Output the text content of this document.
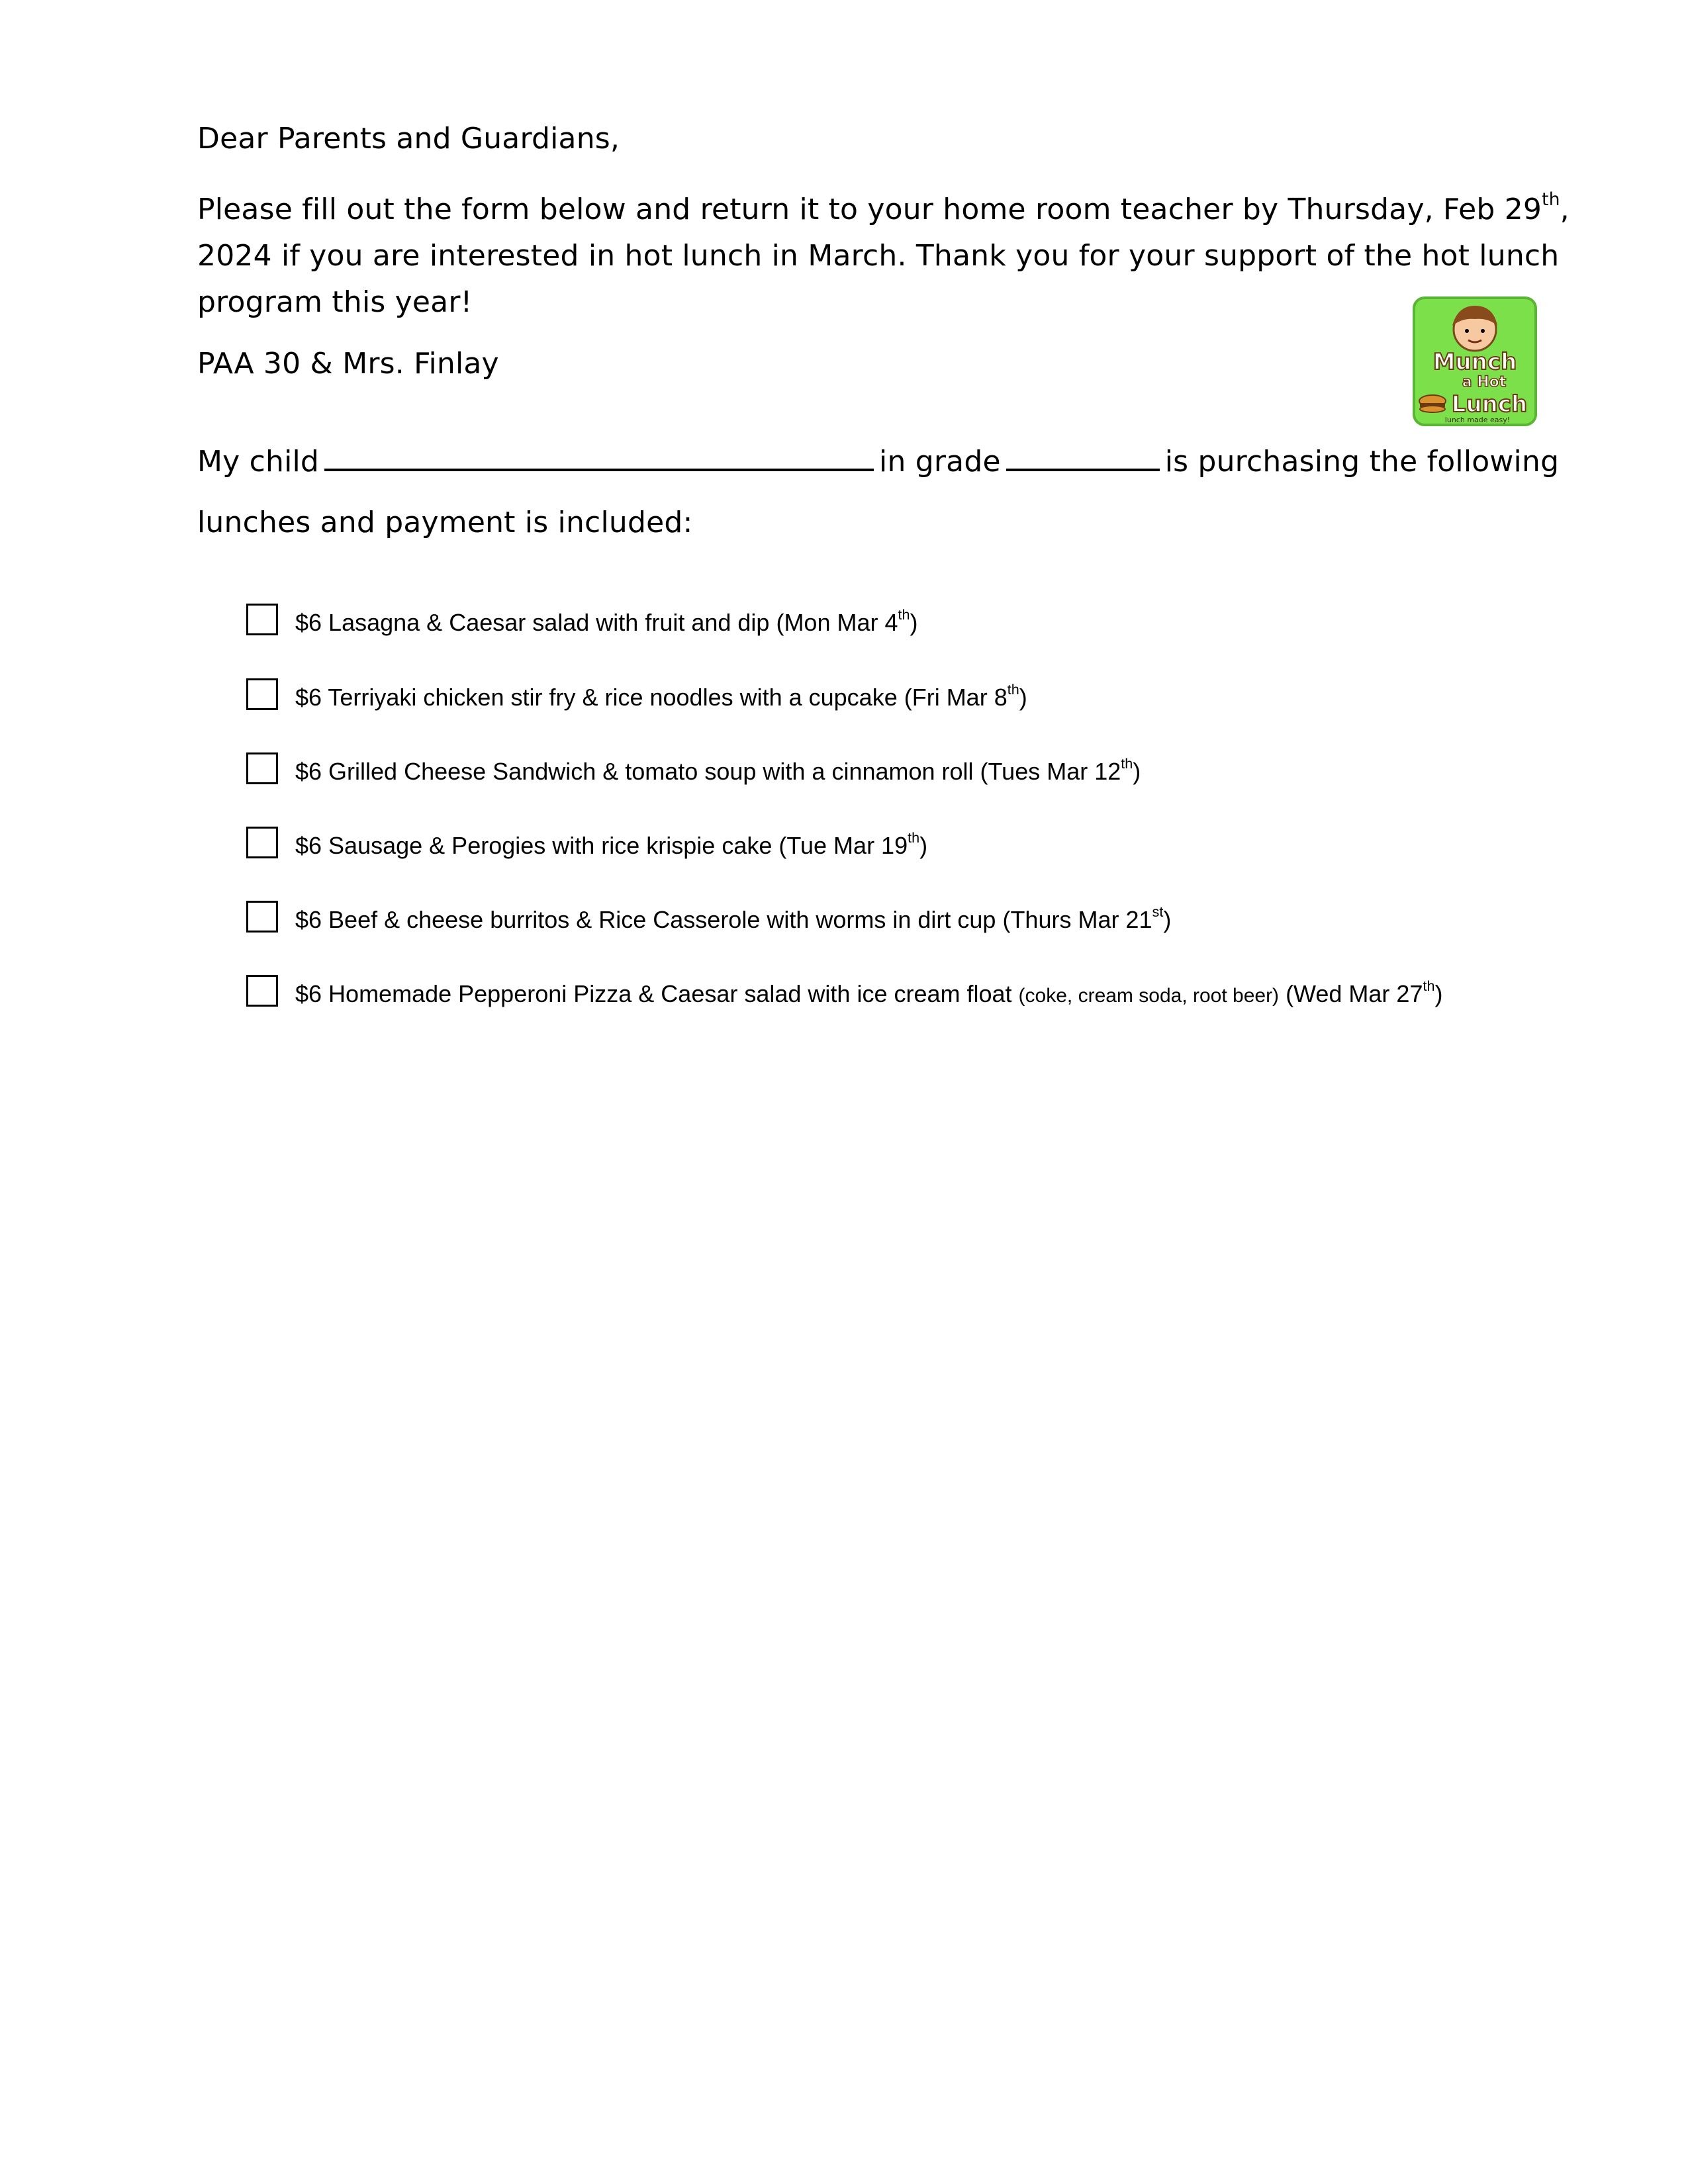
Dear Parents and Guardians,
Please fill out the form below and return it to your home room teacher by Thursday, Feb 29th, 2024 if you are interested in hot lunch in March. Thank you for your support of the hot lunch program this year!
PAA 30 & Mrs. Finlay	Munch
a Hot
Lunch
lunch made easy!
My child	in grade	is purchasing the following
lunches and payment is included:
$6 Lasagna & Caesar salad with fruit and dip (Mon Mar 4th)
$6 Terriyaki chicken stir fry & rice noodles with a cupcake (Fri Mar 8th)
$6 Grilled Cheese Sandwich & tomato soup with a cinnamon roll (Tues Mar 12th)
$6 Sausage & Perogies with rice krispie cake (Tue Mar 19th)
$6 Beef & cheese burritos & Rice Casserole with worms in dirt cup (Thurs Mar 21st)
$6 Homemade Pepperoni Pizza & Caesar salad with ice cream float (coke, cream soda, root beer) (Wed Mar 27th)
